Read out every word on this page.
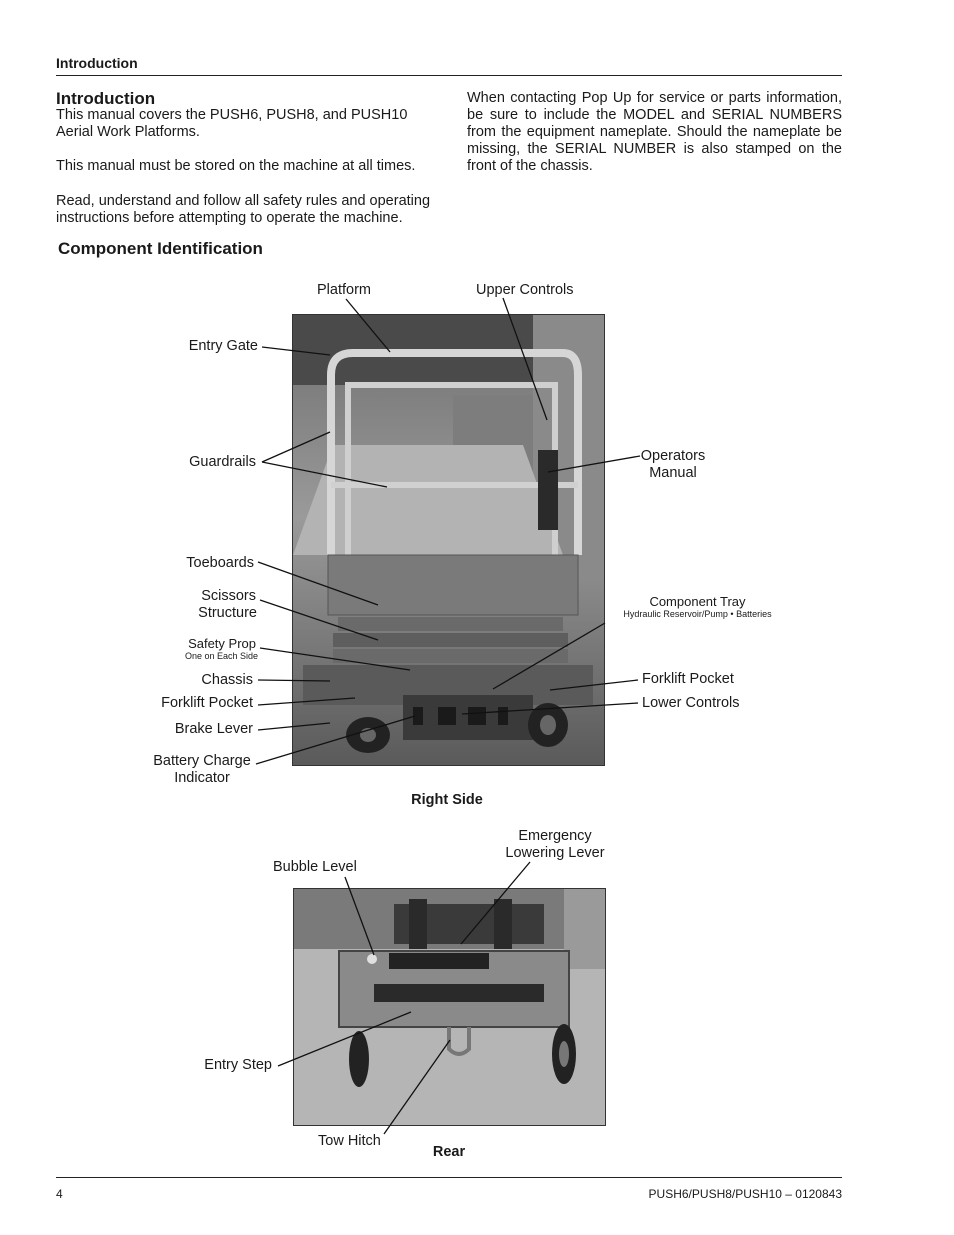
Introduction
Introduction
This manual covers the PUSH6, PUSH8, and PUSH10 Aerial Work Platforms.
This manual must be stored on the machine at all times.
Read, understand and follow all safety rules and operating instructions before attempting to operate the machine.
When contacting Pop Up for service or parts information, be sure to include the MODEL and SERIAL NUMBERS from the equipment nameplate. Should the nameplate be missing, the SERIAL NUMBER is also stamped on the front of the chassis.
Component Identification
Platform	Upper Controls
Entry Gate
Guardrails	Operators
Manual
Toeboards
Scissors
Structure
Safety Prop
One on Each Side
Component Tray
Hydraulic Reservoir/Pump • Batteries
Chassis
Forklift Pocket
Forklift Pocket
Lower Controls
Brake Lever
Battery Charge
Indicator
Right Side
Bubble Level
Emergency
Lowering Lever
Entry Step
Tow Hitch
Rear
4	PUSH6/PUSH8/PUSH10 – 0120843
